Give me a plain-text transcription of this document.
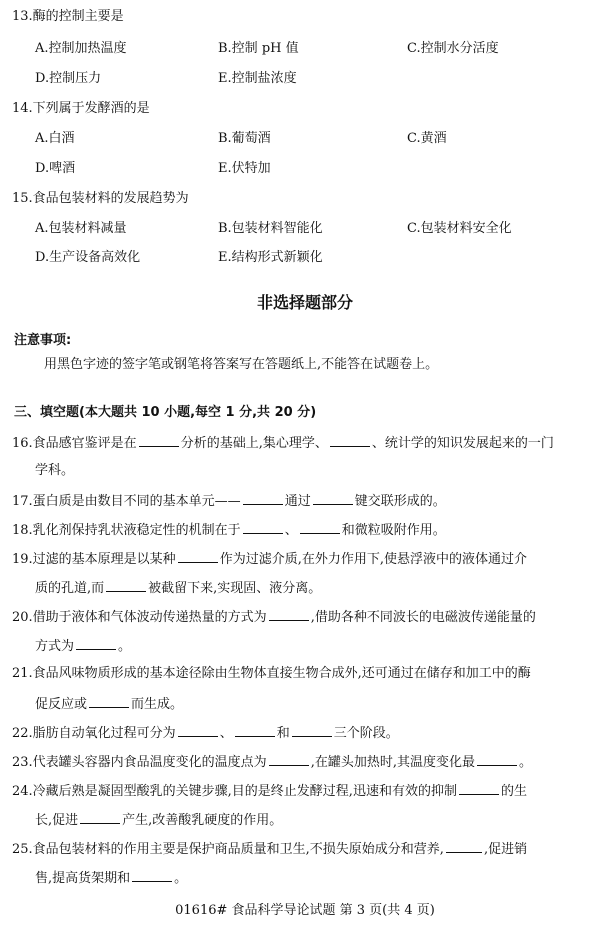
13.酶的控制主要是
A.控制加热温度	B.控制 pH 值	C.控制水分活度
D.控制压力	E.控制盐浓度
14.下列属于发酵酒的是
A.白酒	B.葡萄酒	C.黄酒
D.啤酒	E.伏特加
15.食品包装材料的发展趋势为
A.包装材料减量	B.包装材料智能化	C.包装材料安全化
D.生产设备高效化	E.结构形式新颖化
非选择题部分
注意事项:
用黑色字迹的签字笔或钢笔将答案写在答题纸上,不能答在试题卷上。
三、填空题(本大题共 10 小题,每空 1 分,共 20 分)
16.食品感官鉴评是在	分析的基础上,集心理学、	、统计学的知识发展起来的一门
学科。
17.蛋白质是由数目不同的基本单元——	通过	键交联形成的。
18.乳化剂保持乳状液稳定性的机制在于	、	和微粒吸附作用。
19.过滤的基本原理是以某种	作为过滤介质,在外力作用下,使悬浮液中的液体通过介
质的孔道,而	被截留下来,实现固、液分离。
20.借助于液体和气体波动传递热量的方式为	,借助各种不同波长的电磁波传递能量的
方式为	。
21.食品风味物质形成的基本途径除由生物体直接生物合成外,还可通过在储存和加工中的酶
促反应或	而生成。
22.脂肪自动氧化过程可分为	、	和	三个阶段。
23.代表罐头容器内食品温度变化的温度点为	,在罐头加热时,其温度变化最	。
24.冷藏后熟是凝固型酸乳的关键步骤,目的是终止发酵过程,迅速和有效的抑制	的生
长,促进	产生,改善酸乳硬度的作用。
25.食品包装材料的作用主要是保护商品质量和卫生,不损失原始成分和营养,	,促进销
售,提高货架期和	。
01616# 食品科学导论试题 第 3 页(共 4 页)
